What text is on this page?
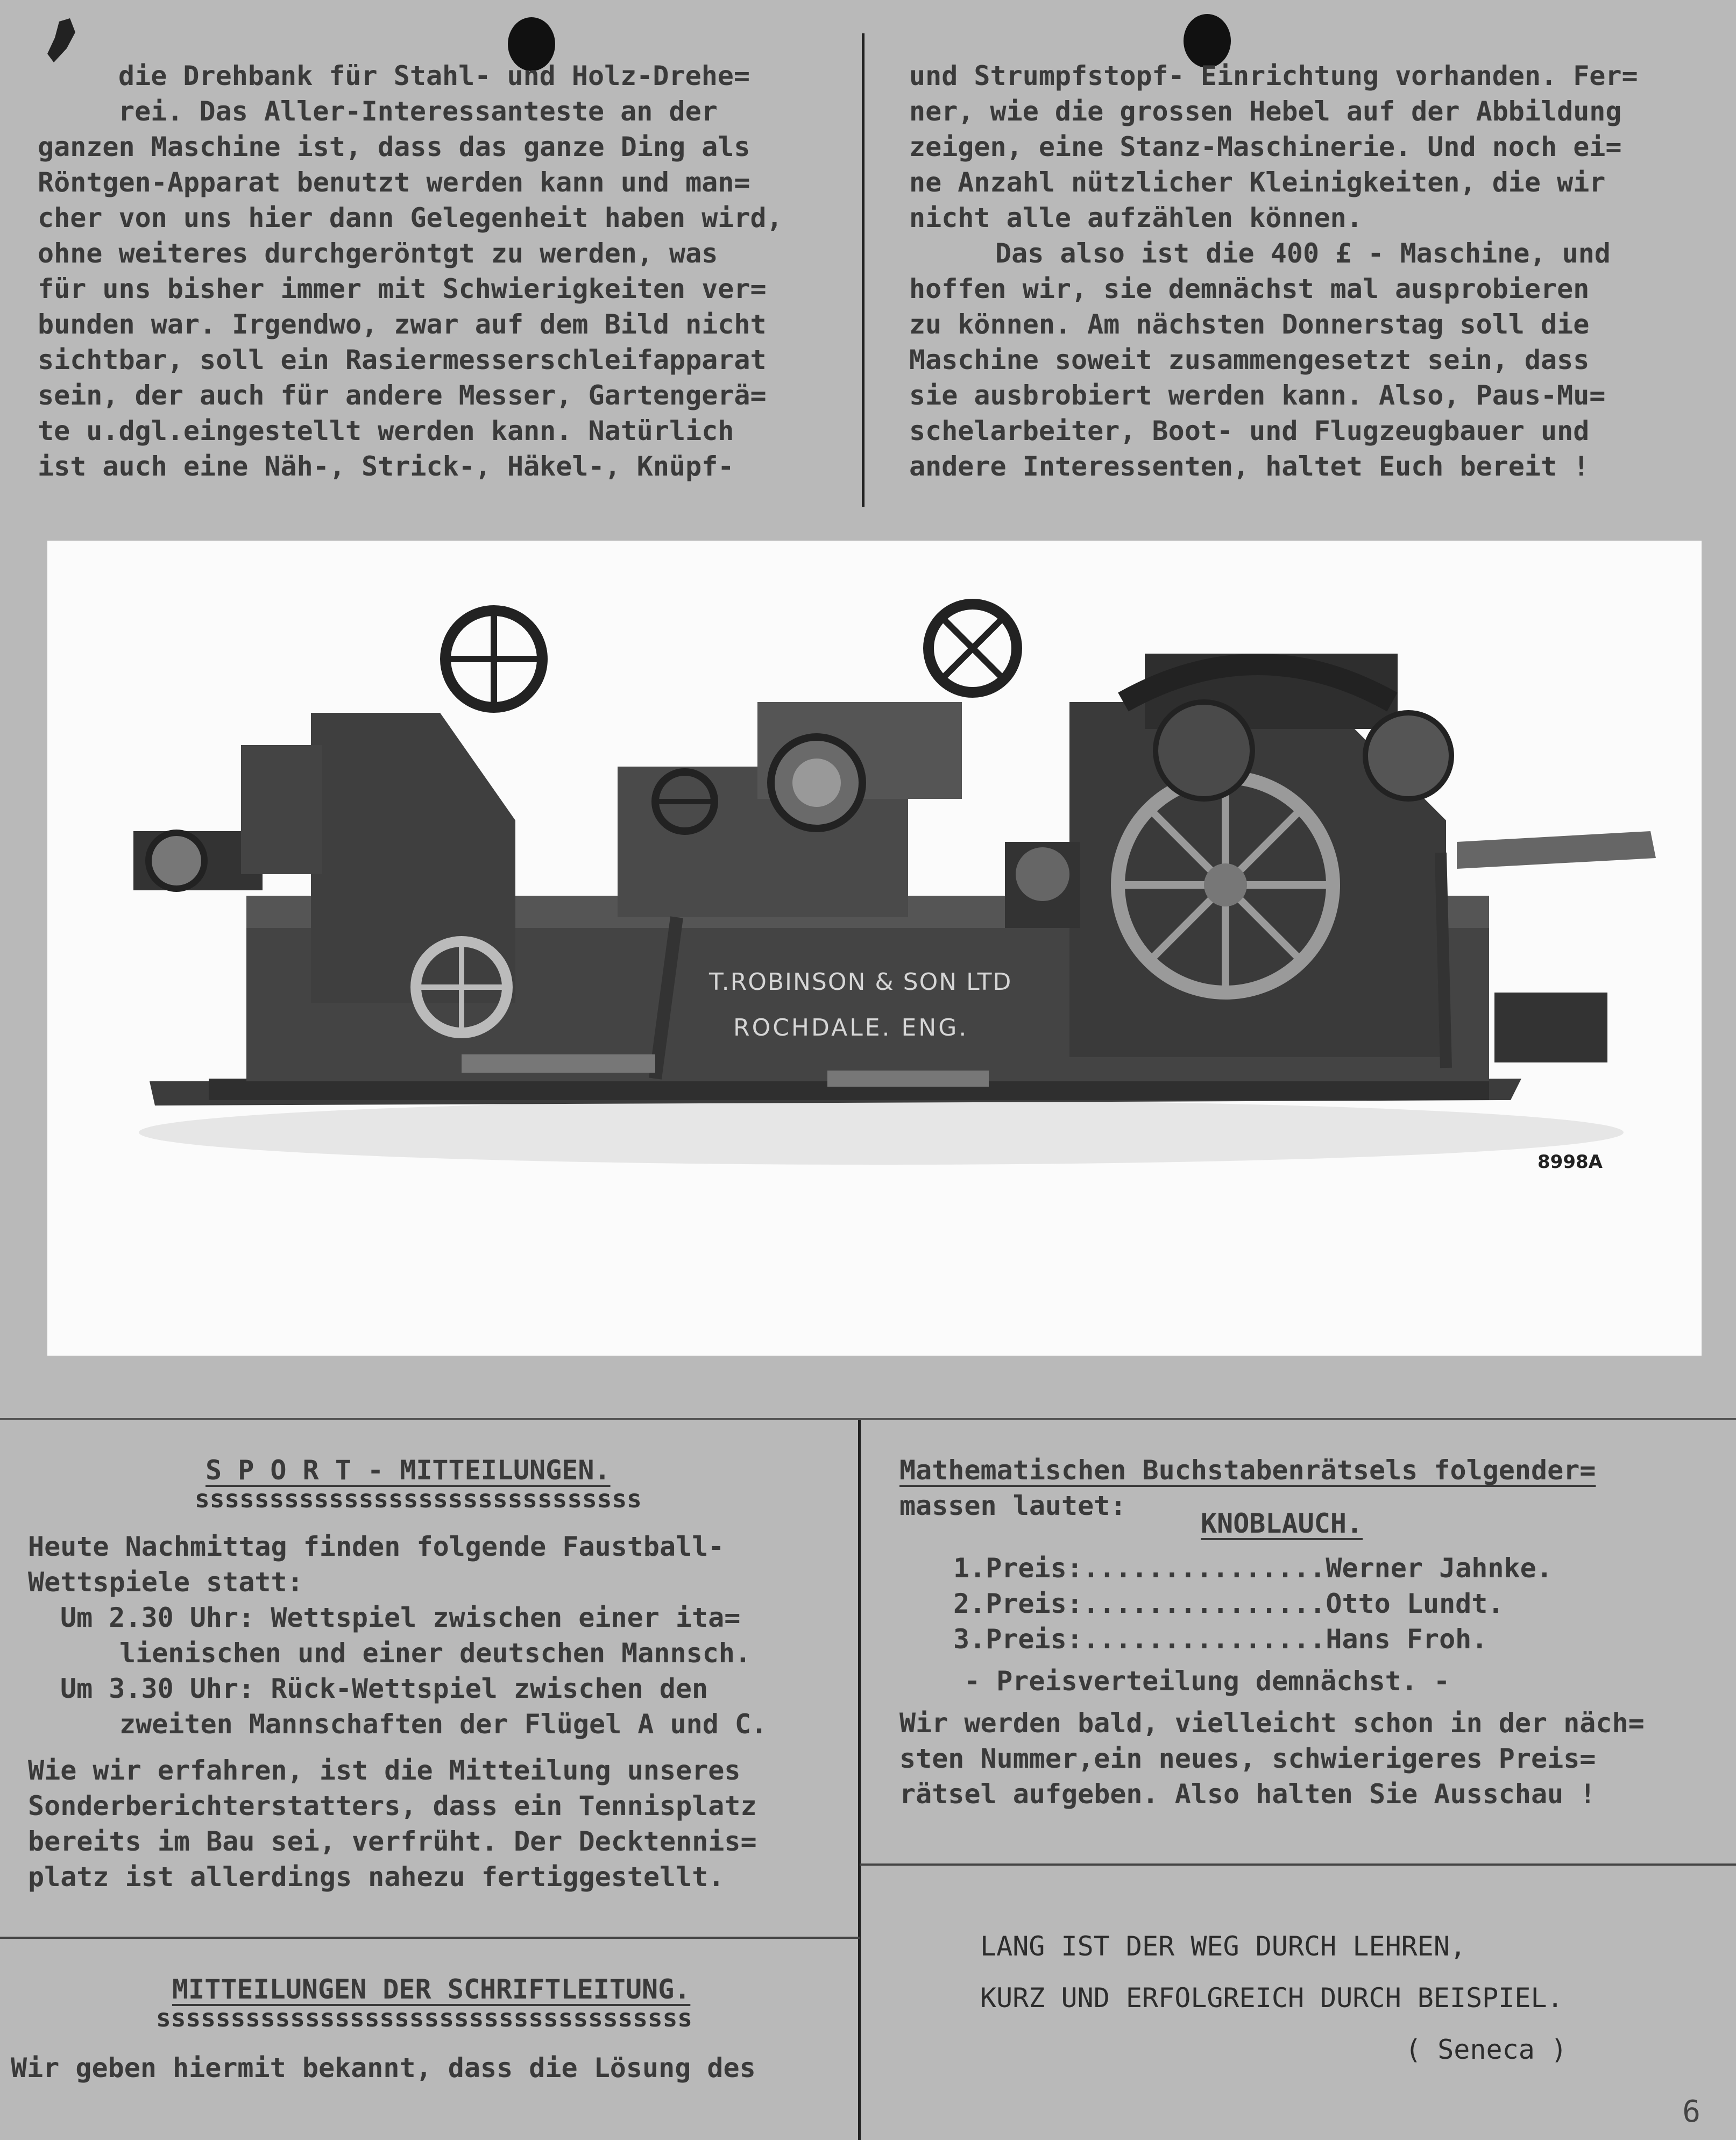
die Drehbank für Stahl- und Holz-Drehe=
rei. Das Aller-Interessanteste an der
ganzen Maschine ist, dass das ganze Ding als
Röntgen-Apparat benutzt werden kann und man=
cher von uns hier dann Gelegenheit haben wird,
ohne weiteres durchgeröntgt zu werden, was
für uns bisher immer mit Schwierigkeiten ver=
bunden war. Irgendwo, zwar auf dem Bild nicht
sichtbar, soll ein Rasiermesserschleifapparat
sein, der auch für andere Messer, Gartengerä=
te u.dgl.eingestellt werden kann. Natürlich
ist auch eine Näh-, Strick-, Häkel-, Knüpf-
und Strumpfstopf- Einrichtung vorhanden. Fer=
ner, wie die grossen Hebel auf der Abbildung
zeigen, eine Stanz-Maschinerie. Und noch ei=
ne Anzahl nützlicher Kleinigkeiten, die wir
nicht alle aufzählen können.
Das also ist die 400 £ - Maschine, und
hoffen wir, sie demnächst mal ausprobieren
zu können. Am nächsten Donnerstag soll die
Maschine soweit zusammengesetzt sein, dass
sie ausbrobiert werden kann. Also, Paus-Mu=
schelarbeiter, Boot- und Flugzeugbauer und
andere Interessenten, haltet Euch bereit !
T.ROBINSON & SON LTD
ROCHDALE. ENG.
8998A
S P O R T - MITTEILUNGEN.
ssssssssssssssssssssssssssssss
Heute Nachmittag finden folgende Faustball-
Wettspiele statt:
Um 2.30 Uhr: Wettspiel zwischen einer ita=
lienischen und einer deutschen Mannsch.
Um 3.30 Uhr: Rück-Wettspiel zwischen den
zweiten Mannschaften der Flügel A und C.
Wie wir erfahren, ist die Mitteilung unseres
Sonderberichterstatters, dass ein Tennisplatz
bereits im Bau sei, verfrüht. Der Decktennis=
platz ist allerdings nahezu fertiggestellt.
MITTEILUNGEN DER SCHRIFTLEITUNG.
ssssssssssssssssssssssssssssssssssss
Wir geben hiermit bekannt, dass die Lösung des
Mathematischen Buchstabenrätsels folgender=
massen lautet:
KNOBLAUCH.
1.Preis:...............Werner Jahnke.
2.Preis:...............Otto Lundt.
3.Preis:...............Hans Froh.
- Preisverteilung demnächst. -
Wir werden bald, vielleicht schon in der näch=
sten Nummer,ein neues, schwierigeres Preis=
rätsel aufgeben. Also halten Sie Ausschau !
LANG IST DER WEG DURCH LEHREN,
KURZ UND ERFOLGREICH DURCH BEISPIEL.
( Seneca )
6
